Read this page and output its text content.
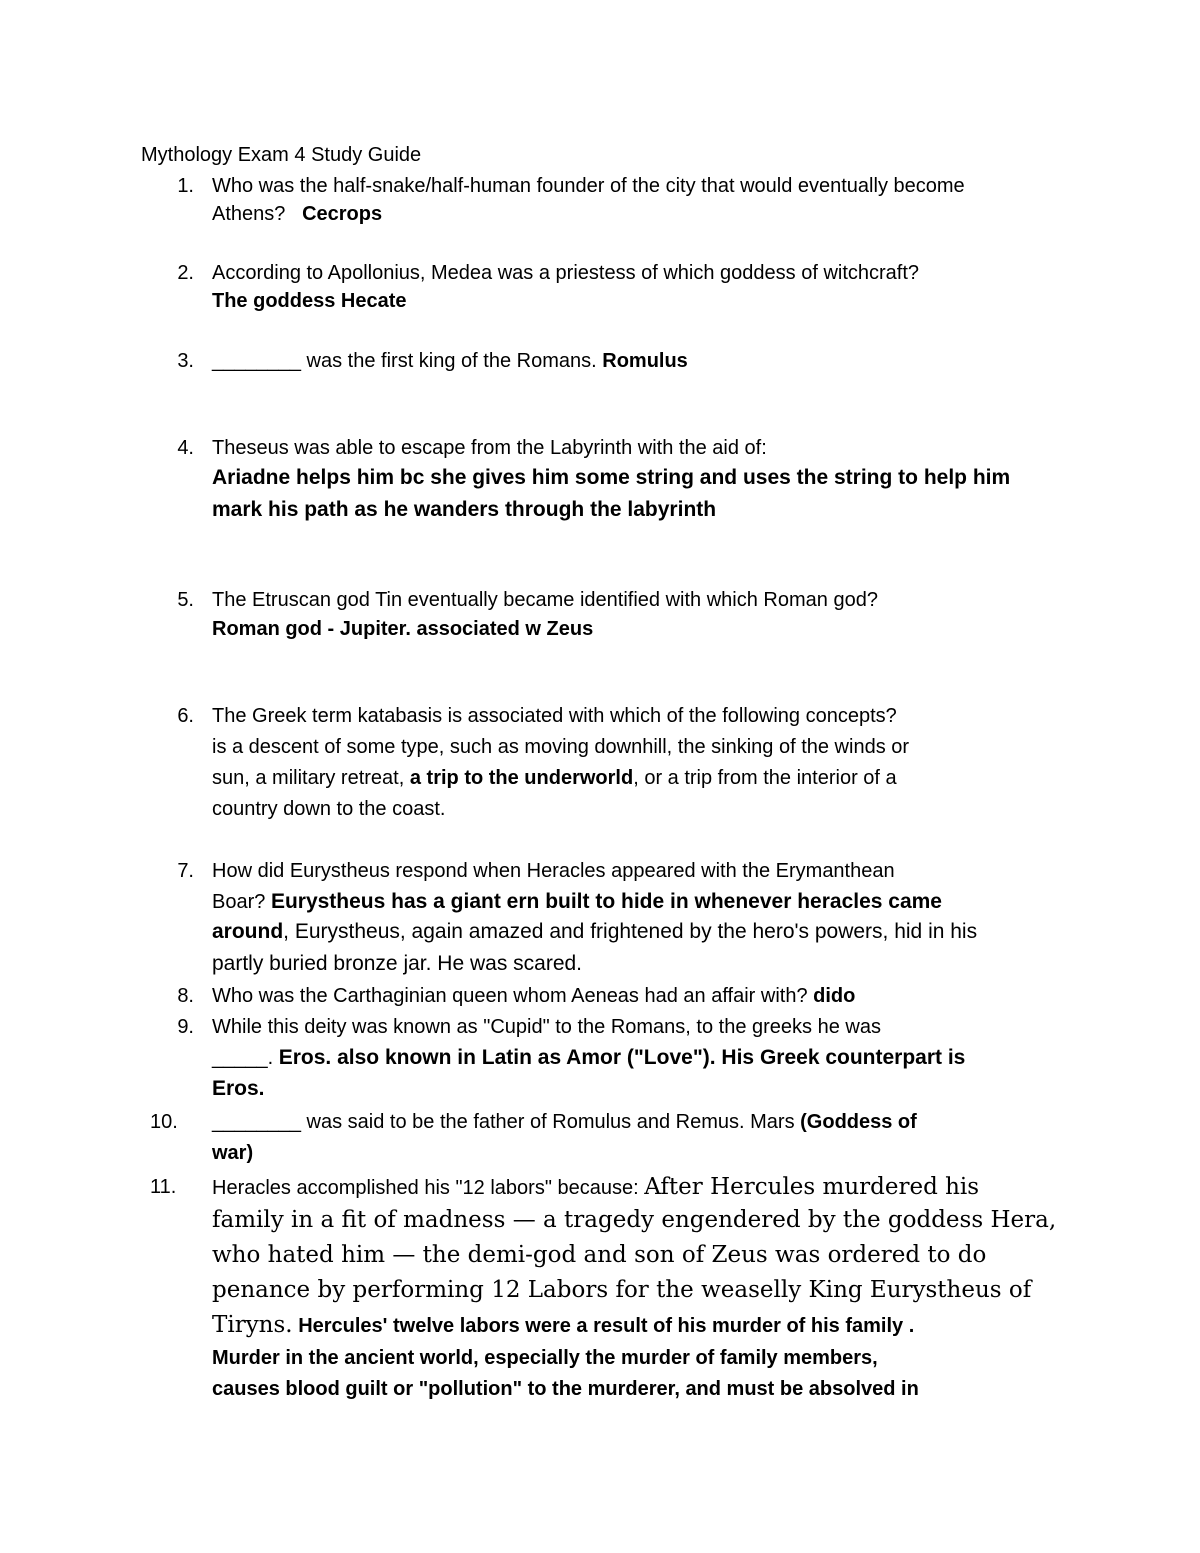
Mythology Exam 4 Study Guide
1. Who was the half-snake/half-human founder of the city that would eventually become
Athens? Cecrops
2. According to Apollonius, Medea was a priestess of which goddess of witchcraft?
The goddess Hecate
3. ________ was the first king of the Romans. Romulus
4. Theseus was able to escape from the Labyrinth with the aid of:
Ariadne helps him bc she gives him some string and uses the string to help him
mark his path as he wanders through the labyrinth
5. The Etruscan god Tin eventually became identified with which Roman god?
Roman god - Jupiter. associated w Zeus
6. The Greek term katabasis is associated with which of the following concepts?
is a descent of some type, such as moving downhill, the sinking of the winds or
sun, a military retreat, a trip to the underworld, or a trip from the interior of a
country down to the coast.
7. How did Eurystheus respond when Heracles appeared with the Erymanthean
Boar? Eurystheus has a giant ern built to hide in whenever heracles came
around, Eurystheus, again amazed and frightened by the hero's powers, hid in his
partly buried bronze jar. He was scared.
8. Who was the Carthaginian queen whom Aeneas had an affair with? dido
9. While this deity was known as "Cupid" to the Romans, to the greeks he was
_____. Eros. also known in Latin as Amor ("Love"). His Greek counterpart is
Eros.
10.	________ was said to be the father of Romulus and Remus. Mars (Goddess of
war)
11.	Heracles accomplished his "12 labors" because: After Hercules murdered his
family in a fit of madness — a tragedy engendered by the goddess Hera,
who hated him — the demi-god and son of Zeus was ordered to do
penance by performing 12 Labors for the weaselly King Eurystheus of
Tiryns. Hercules' twelve labors were a result of his murder of his family .
Murder in the ancient world, especially the murder of family members,
causes blood guilt or "pollution" to the murderer, and must be absolved in
